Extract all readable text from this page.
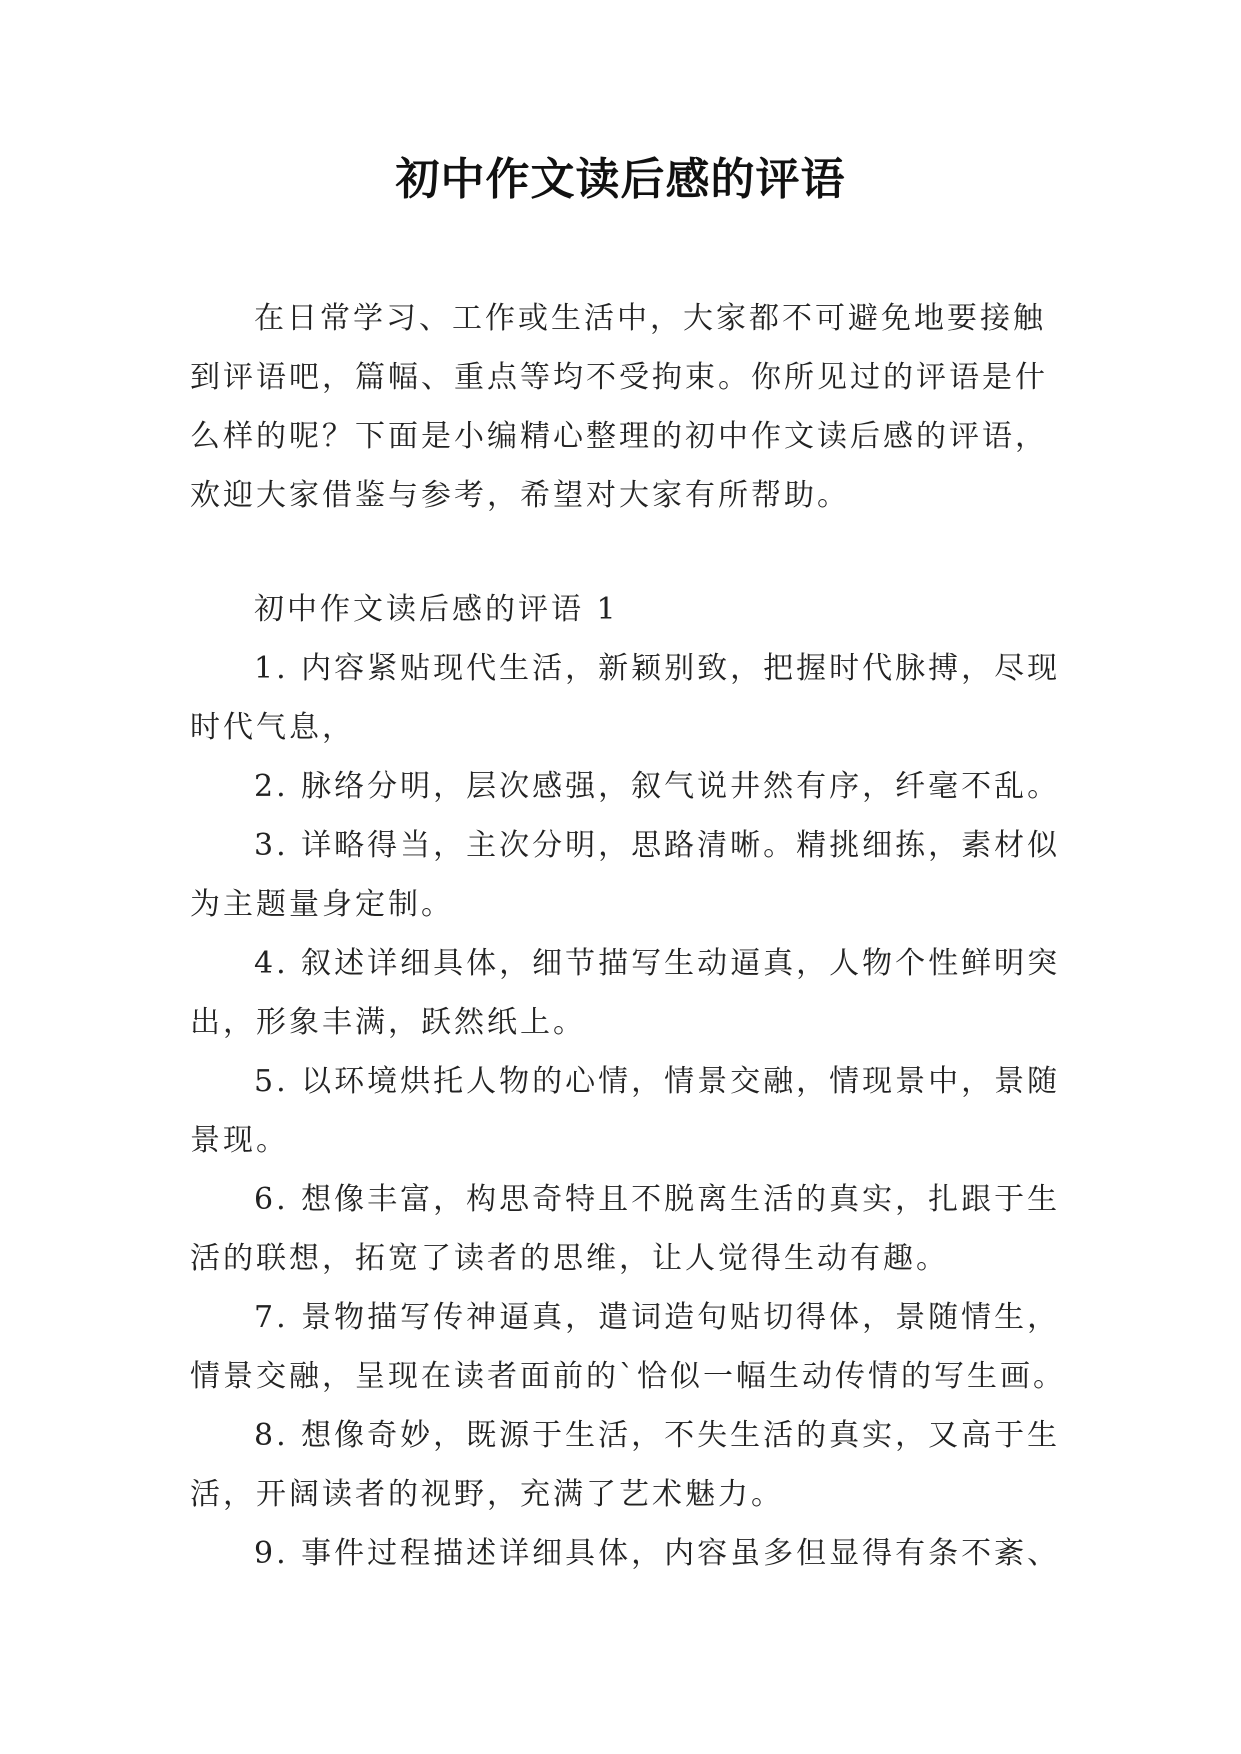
初中作文读后感的评语

在日常学习、工作或生活中，大家都不可避免地要接触到评语吧，篇幅、重点等均不受拘束。你所见过的评语是什么样的呢？下面是小编精心整理的初中作文读后感的评语，欢迎大家借鉴与参考，希望对大家有所帮助。

初中作文读后感的评语 1

1. 内容紧贴现代生活，新颖别致，把握时代脉搏，尽现时代气息，

2. 脉络分明，层次感强，叙气说井然有序，纤毫不乱。

3. 详略得当，主次分明，思路清晰。精挑细拣，素材似为主题量身定制。

4. 叙述详细具体，细节描写生动逼真，人物个性鲜明突出，形象丰满，跃然纸上。

5. 以环境烘托人物的心情，情景交融，情现景中，景随景现。

6. 想像丰富，构思奇特且不脱离生活的真实，扎跟于生活的联想，拓宽了读者的思维，让人觉得生动有趣。

7. 景物描写传神逼真，遣词造句贴切得体，景随情生，情景交融，呈现在读者面前的`恰似一幅生动传情的写生画。

8. 想像奇妙，既源于生活，不失生活的真实，又高于生活，开阔读者的视野，充满了艺术魅力。

9. 事件过程描述详细具体，内容虽多但显得有条不紊、
